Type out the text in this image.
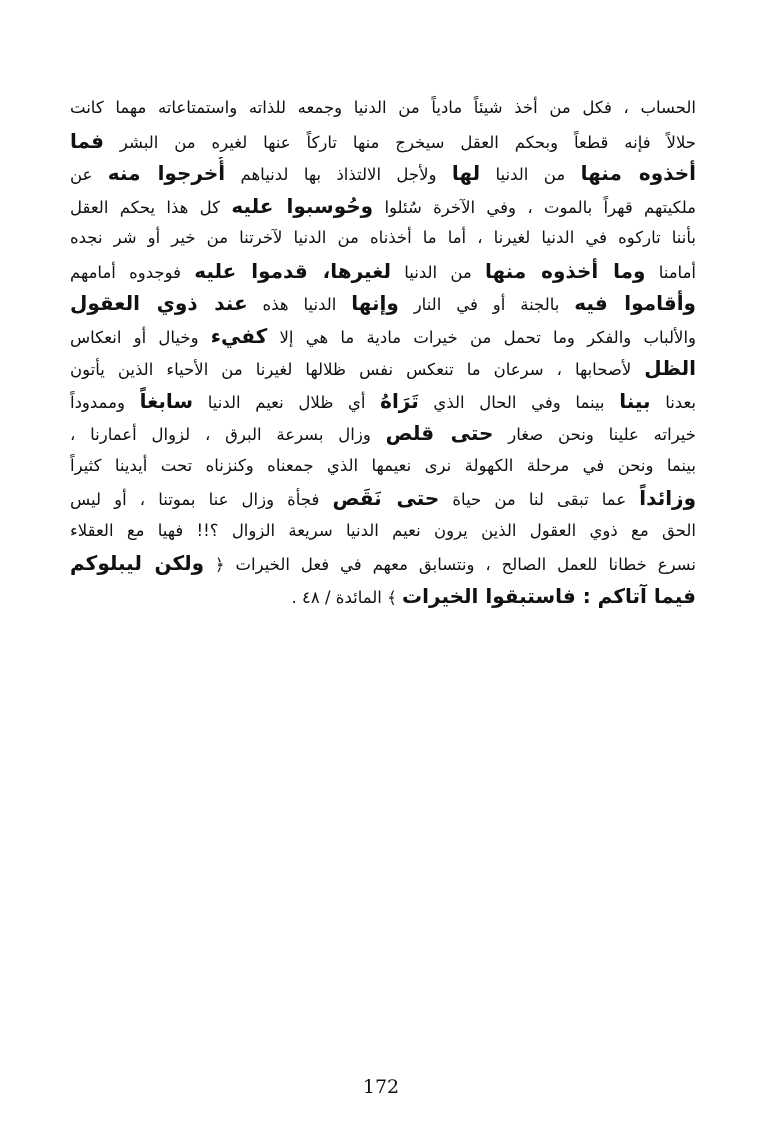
الحساب ، فكل من أخذ شيئاً مادياً من الدنيا وجمعه للذاته واستمتاعاته مهما كانت
حلالاً فإنه قطعاً وبحكم العقل سيخرج منها تاركاً عنها لغيره من البشر فما
أخذوه منها من الدنيا لها ولأجل الالتذاذ بها لدنياهم أُخرجوا منه عن
ملكيتهم قهراً بالموت ، وفي الآخرة سُئلوا وحُوسبوا عليه كل هذا يحكم العقل
بأننا تاركوه في الدنيا لغيرنا ، أما ما أخذناه من الدنيا لآخرتنا من خير أو شر نجده
أمامنا وما أخذوه منها من الدنيا لغيرها، قدموا عليه فوجدوه أمامهم
وأقاموا فيه بالجنة أو في النار وإنها الدنيا هذه عند ذوي العقول
والألباب والفكر وما تحمل من خيرات مادية ما هي إلا كفيء وخيال أو انعكاس
الظل لأصحابها ، سرعان ما تنعكس نفس ظلالها لغيرنا من الأحياء الذين يأتون
بعدنا بينا بينما وفي الحال الذي تَرَاهُ أي ظلال نعيم الدنيا سابغاً وممدوداً
خيراته علينا ونحن صغار حتى قلص وزال بسرعة البرق ، لزوال أعمارنا ،
بينما ونحن في مرحلة الكهولة نرى نعيمها الذي جمعناه وكنزناه تحت أيدينا كثيراً
وزائداً عما تبقى لنا من حياة حتى نَقَص فجأة وزال عنا بموتنا ، أو ليس
الحق مع ذوي العقول الذين يرون نعيم الدنيا سريعة الزوال ؟!! فهيا مع العقلاء
نسرع خطانا للعمل الصالح ، ونتسابق معهم في فعل الخيرات ﴿ ولكن ليبلوكم
فيما آتاكم : فاستبقوا الخيرات ﴾ المائدة / ٤٨ .
172
